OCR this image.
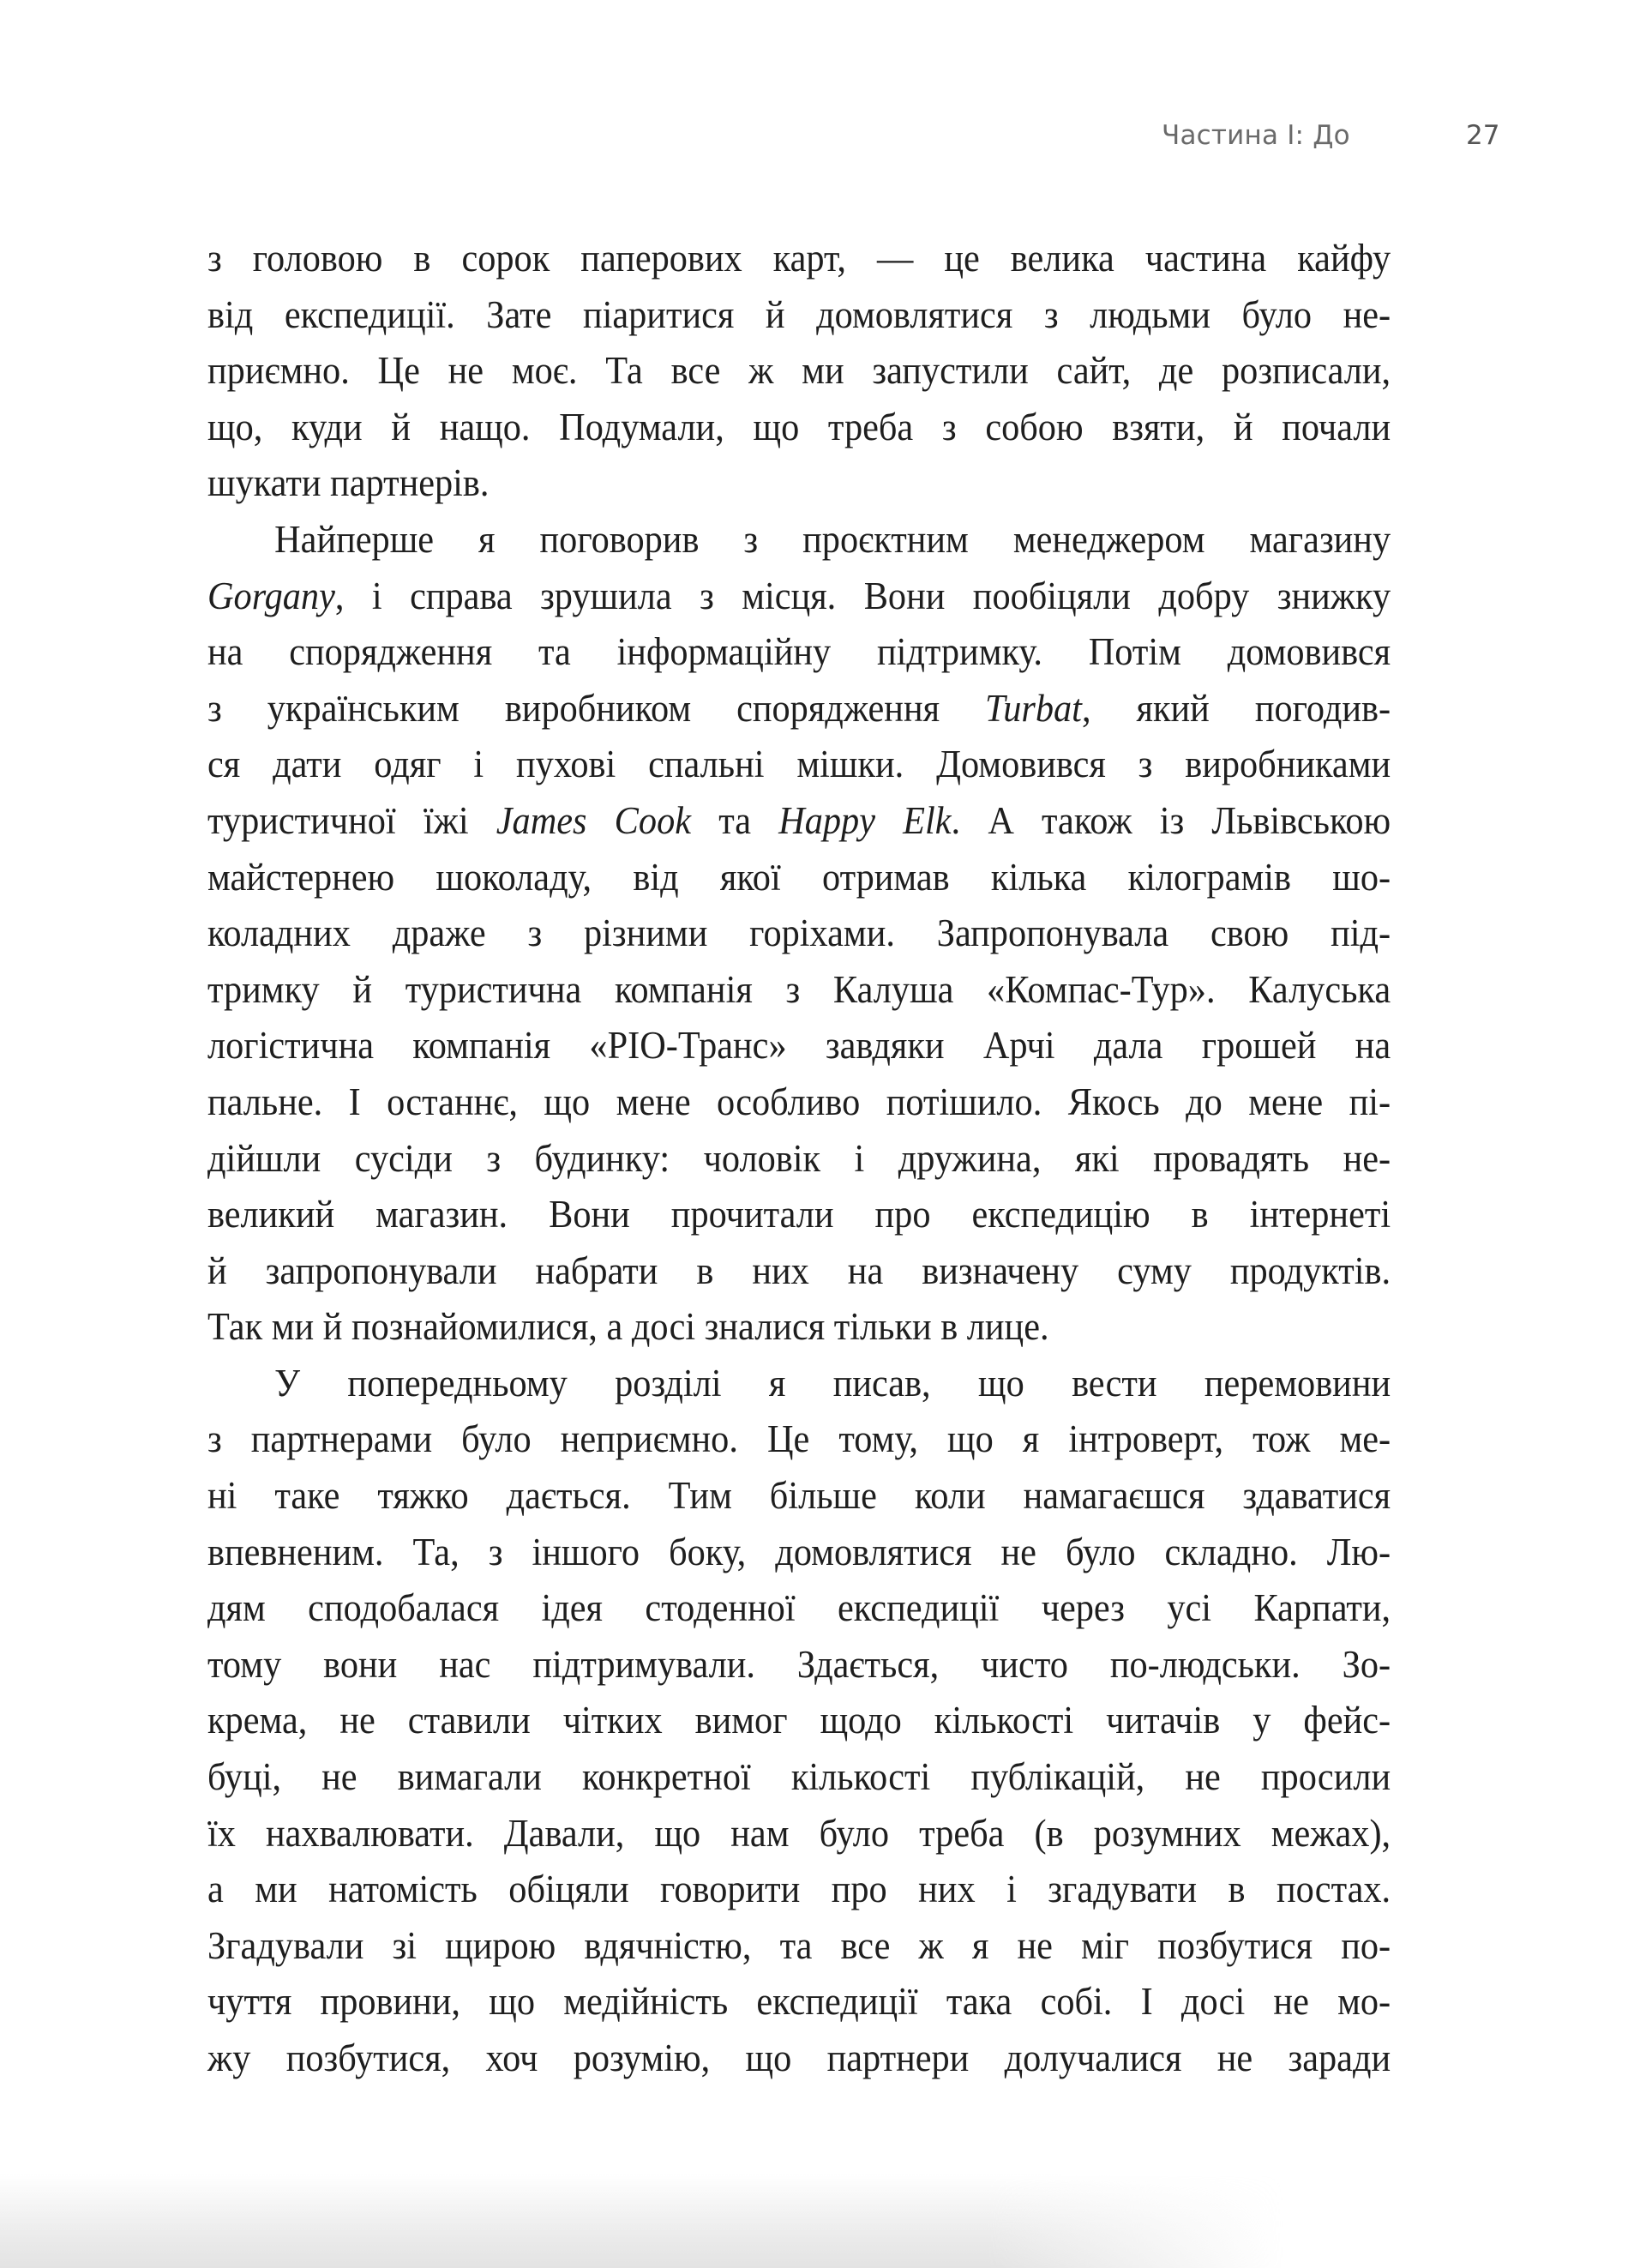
Частина I: До	27
з головою в сорок паперових карт, — це велика частина кайфу
від експедиції. Зате піаритися й домовлятися з людьми було не-
приємно. Це не моє. Та все ж ми запустили сайт, де розписали,
що, куди й нащо. Подумали, що треба з собою взяти, й почали
шукати партнерів.
Найперше я поговорив з проєктним менеджером магазину
Gorgany, і справа зрушила з місця. Вони пообіцяли добру знижку
на спорядження та інформаційну підтримку. Потім домовився
з українським виробником спорядження Turbat, який погодив-
ся дати одяг і пухові спальні мішки. Домовився з виробниками
туристичної їжі James Cook та Happy Elk. А також із Львівською
майстернею шоколаду, від якої отримав кілька кілограмів шо-
коладних драже з різними горіхами. Запропонувала свою під-
тримку й туристична компанія з Калуша «Компас-Тур». Калуська
логістична компанія «РІО-Транс» завдяки Арчі дала грошей на
пальне. І останнє, що мене особливо потішило. Якось до мене пі-
дійшли сусіди з будинку: чоловік і дружина, які провадять не-
великий магазин. Вони прочитали про експедицію в інтернеті
й запропонували набрати в них на визначену суму продуктів.
Так ми й познайомилися, а досі зналися тільки в лице.
У попередньому розділі я писав, що вести перемовини
з партнерами було неприємно. Це тому, що я інтроверт, тож ме-
ні таке тяжко дається. Тим більше коли намагаєшся здаватися
впевненим. Та, з іншого боку, домовлятися не було складно. Лю-
дям сподобалася ідея стоденної експедиції через усі Карпати,
тому вони нас підтримували. Здається, чисто по-людськи. Зо-
крема, не ставили чітких вимог щодо кількості читачів у фейс-
буці, не вимагали конкретної кількості публікацій, не просили
їх нахвалювати. Давали, що нам було треба (в розумних межах),
а ми натомість обіцяли говорити про них і згадувати в постах.
Згадували зі щирою вдячністю, та все ж я не міг позбутися по-
чуття провини, що медійність експедиції така собі. І досі не мо-
жу позбутися, хоч розумію, що партнери долучалися не заради
